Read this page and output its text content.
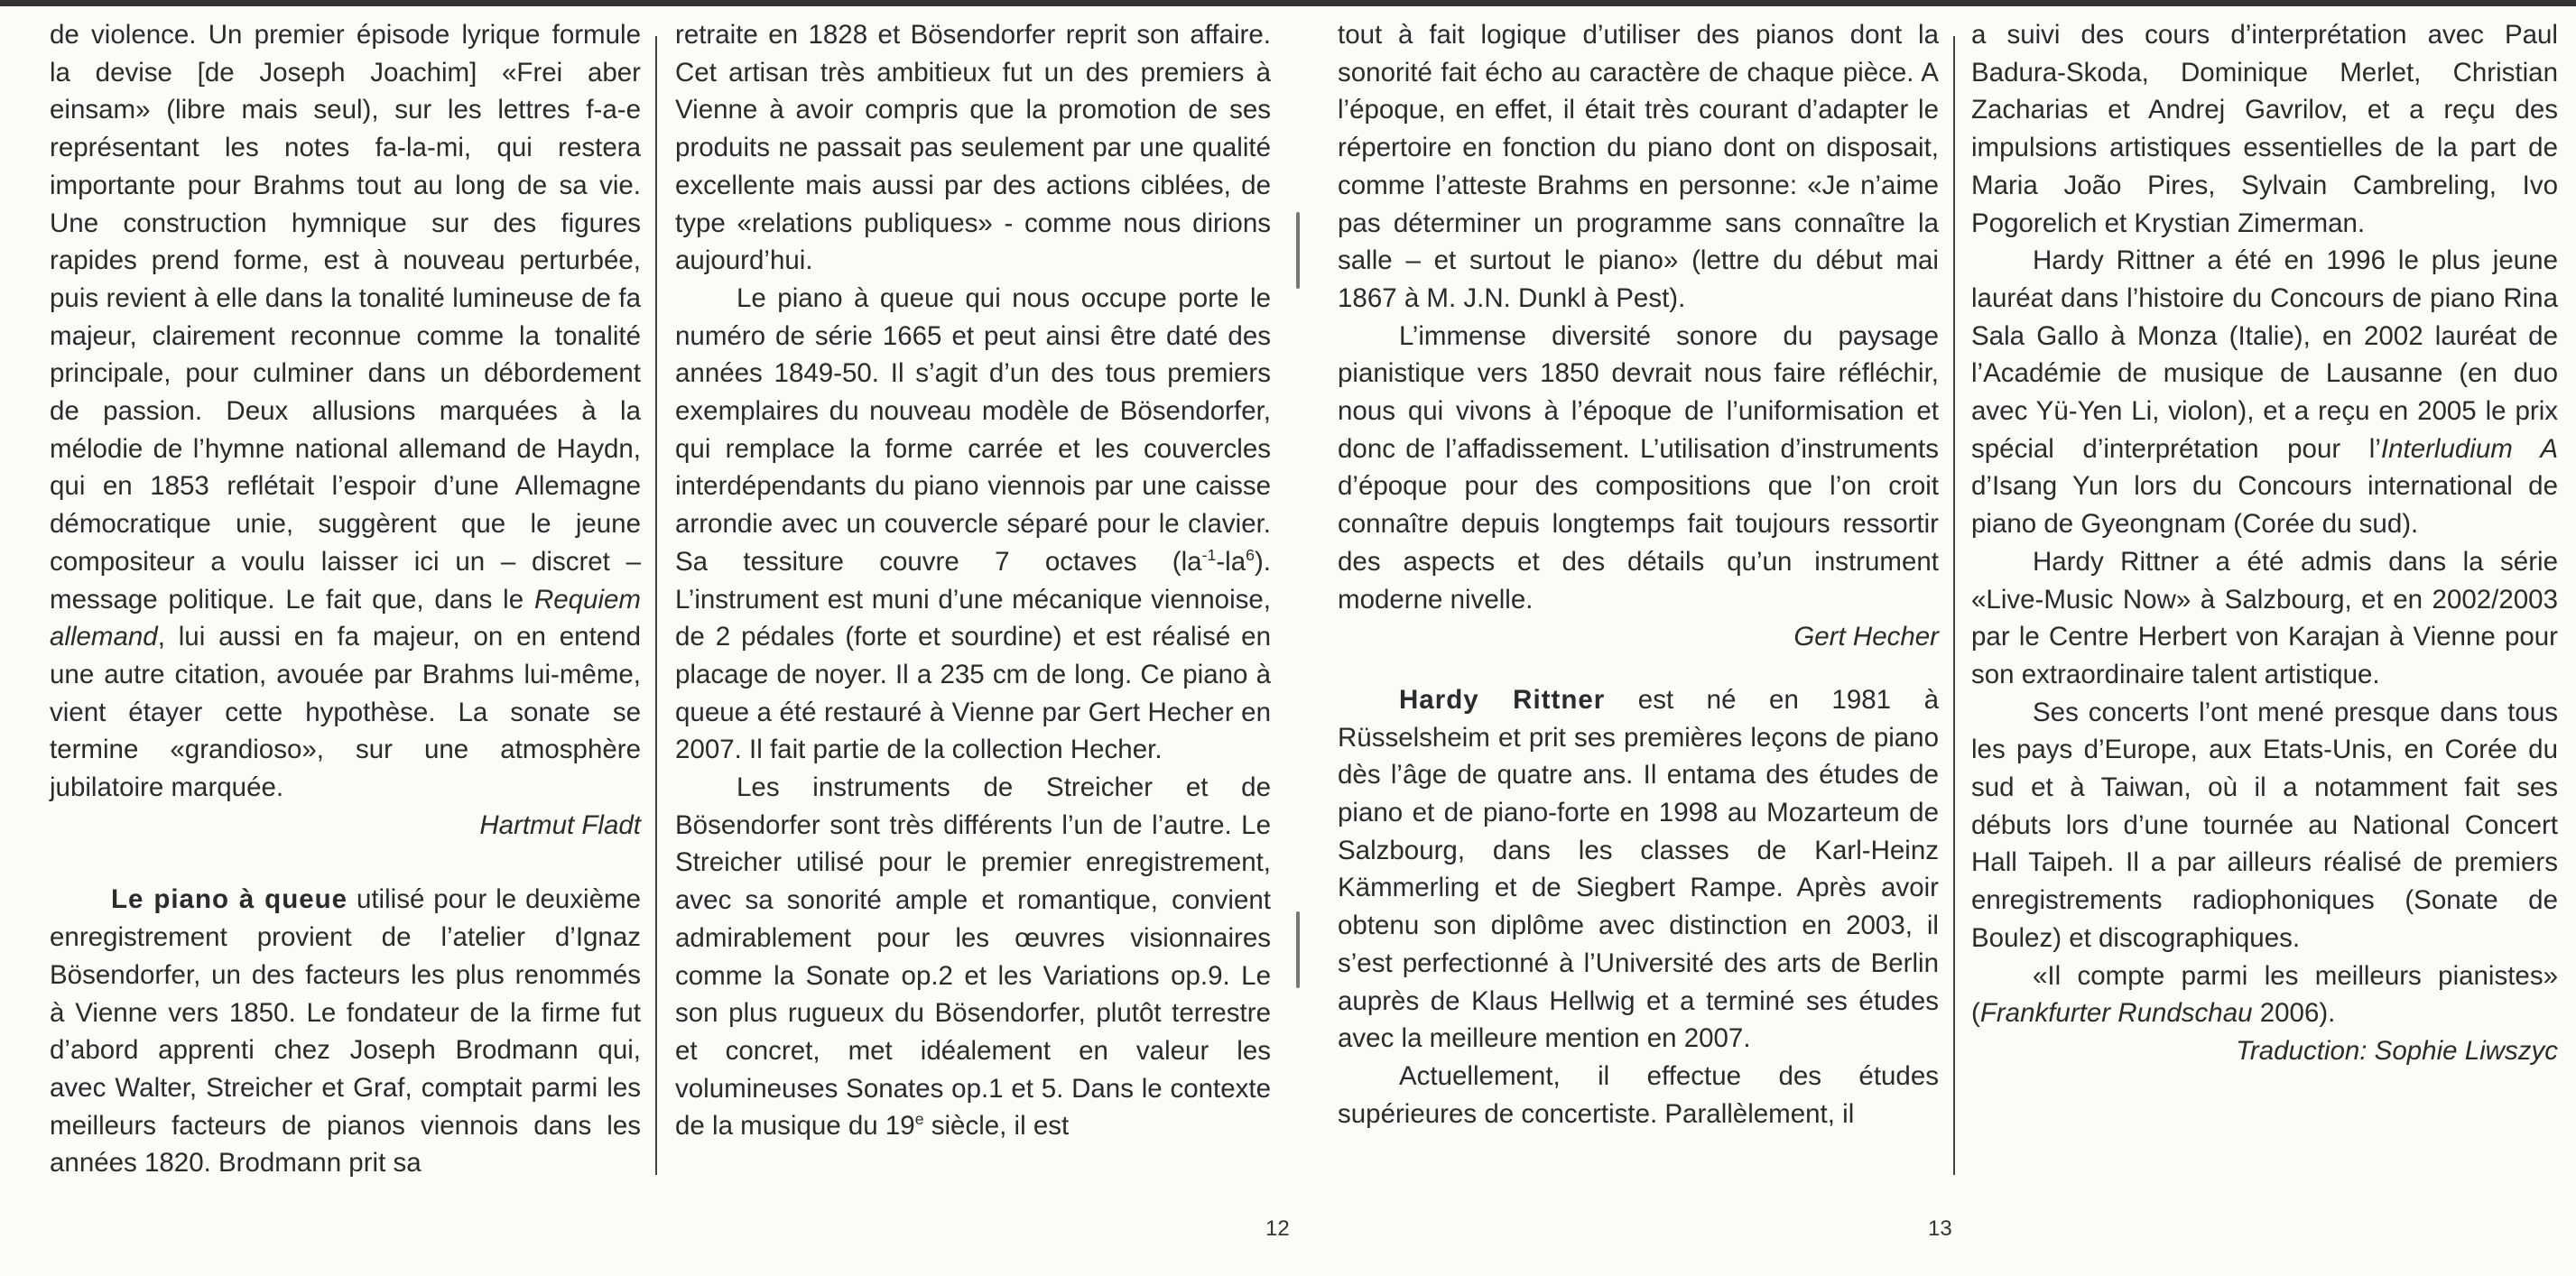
de violence. Un premier épisode lyrique formule la devise [de Joseph Joachim] «Frei aber einsam» (libre mais seul), sur les lettres f-a-e représentant les notes fa-la-mi, qui restera importante pour Brahms tout au long de sa vie. Une construction hymnique sur des figures rapides prend forme, est à nouveau perturbée, puis revient à elle dans la tonalité lumineuse de fa majeur, clairement reconnue comme la tonalité principale, pour culminer dans un débordement de passion. Deux allusions marquées à la mélodie de l’hymne national allemand de Haydn, qui en 1853 reflétait l’espoir d’une Allemagne démocratique unie, suggèrent que le jeune compositeur a voulu laisser ici un – discret – message politique. Le fait que, dans le Requiem allemand, lui aussi en fa majeur, on en entend une autre citation, avouée par Brahms lui-même, vient étayer cette hypothèse. La sonate se termine «grandioso», sur une atmosphère jubilatoire marquée.

Hartmut Fladt

Le piano à queue utilisé pour le deuxième enregistrement provient de l’atelier d’Ignaz Bösendorfer, un des facteurs les plus renommés à Vienne vers 1850. Le fondateur de la firme fut d’abord apprenti chez Joseph Brodmann qui, avec Walter, Streicher et Graf, comptait parmi les meilleurs facteurs de pianos viennois dans les années 1820. Brodmann prit sa

retraite en 1828 et Bösendorfer reprit son affaire. Cet artisan très ambitieux fut un des premiers à Vienne à avoir compris que la promotion de ses produits ne passait pas seulement par une qualité excellente mais aussi par des actions ciblées, de type «relations publiques» - comme nous dirions aujourd’hui.

Le piano à queue qui nous occupe porte le numéro de série 1665 et peut ainsi être daté des années 1849-50. Il s’agit d’un des tous premiers exemplaires du nouveau modèle de Bösendorfer, qui remplace la forme carrée et les couvercles interdépendants du piano viennois par une caisse arrondie avec un couvercle séparé pour le clavier. Sa tessiture couvre 7 octaves $(la^{-1}-la^6)$. L’instrument est muni d’une mécanique viennoise, de 2 pédales (forte et sourdine) et est réalisé en placage de noyer. Il a 235 cm de long. Ce piano à queue a été restauré à Vienne par Gert Hecher en 2007. Il fait partie de la collection Hecher.

Les instruments de Streicher et de Bösendorfer sont très différents l’un de l’autre. Le Streicher utilisé pour le premier enregistrement, avec sa sonorité ample et romantique, convient admirablement pour les œuvres visionnaires comme la Sonate op.2 et les Variations op.9. Le son plus rugueux du Bösendorfer, plutôt terrestre et concret, met idéalement en valeur les volumineuses Sonates op.1 et 5. Dans le contexte de la musique du 19e siècle, il est

tout à fait logique d’utiliser des pianos dont la sonorité fait écho au caractère de chaque pièce. A l’époque, en effet, il était très courant d’adapter le répertoire en fonction du piano dont on disposait, comme l’atteste Brahms en personne: «Je n’aime pas déterminer un programme sans connaître la salle – et surtout le piano» (lettre du début mai 1867 à M. J.N. Dunkl à Pest).

L’immense diversité sonore du paysage pianistique vers 1850 devrait nous faire réfléchir, nous qui vivons à l’époque de l’uniformisation et donc de l’affadissement. L’utilisation d’instruments d’époque pour des compositions que l’on croit connaître depuis longtemps fait toujours ressortir des aspects et des détails qu’un instrument moderne nivelle.

Gert Hecher

Hardy Rittner est né en 1981 à Rüsselsheim et prit ses premières leçons de piano dès l’âge de quatre ans. Il entama des études de piano et de piano-forte en 1998 au Mozarteum de Salzbourg, dans les classes de Karl-Heinz Kämmerling et de Siegbert Rampe. Après avoir obtenu son diplôme avec distinction en 2003, il s’est perfectionné à l’Université des arts de Berlin auprès de Klaus Hellwig et a terminé ses études avec la meilleure mention en 2007.

Actuellement, il effectue des études supérieures de concertiste. Parallèlement, il

a suivi des cours d’interprétation avec Paul Badura-Skoda, Dominique Merlet, Christian Zacharias et Andrej Gavrilov, et a reçu des impulsions artistiques essentielles de la part de Maria João Pires, Sylvain Cambreling, Ivo Pogorelich et Krystian Zimerman.

Hardy Rittner a été en 1996 le plus jeune lauréat dans l’histoire du Concours de piano Rina Sala Gallo à Monza (Italie), en 2002 lauréat de l’Académie de musique de Lausanne (en duo avec Yü-Yen Li, violon), et a reçu en 2005 le prix spécial d’interprétation pour l’Interludium A d’Isang Yun lors du Concours international de piano de Gyeongnam (Corée du sud).

Hardy Rittner a été admis dans la série «Live-Music Now» à Salzbourg, et en 2002/2003 par le Centre Herbert von Karajan à Vienne pour son extraordinaire talent artistique.

Ses concerts l’ont mené presque dans tous les pays d’Europe, aux Etats-Unis, en Corée du sud et à Taiwan, où il a notamment fait ses débuts lors d’une tournée au National Concert Hall Taipeh. Il a par ailleurs réalisé de premiers enregistrements radiophoniques (Sonate de Boulez) et discographiques.

«Il compte parmi les meilleurs pianistes» (Frankfurter Rundschau 2006).

Traduction: Sophie Liwszyc

12	13
